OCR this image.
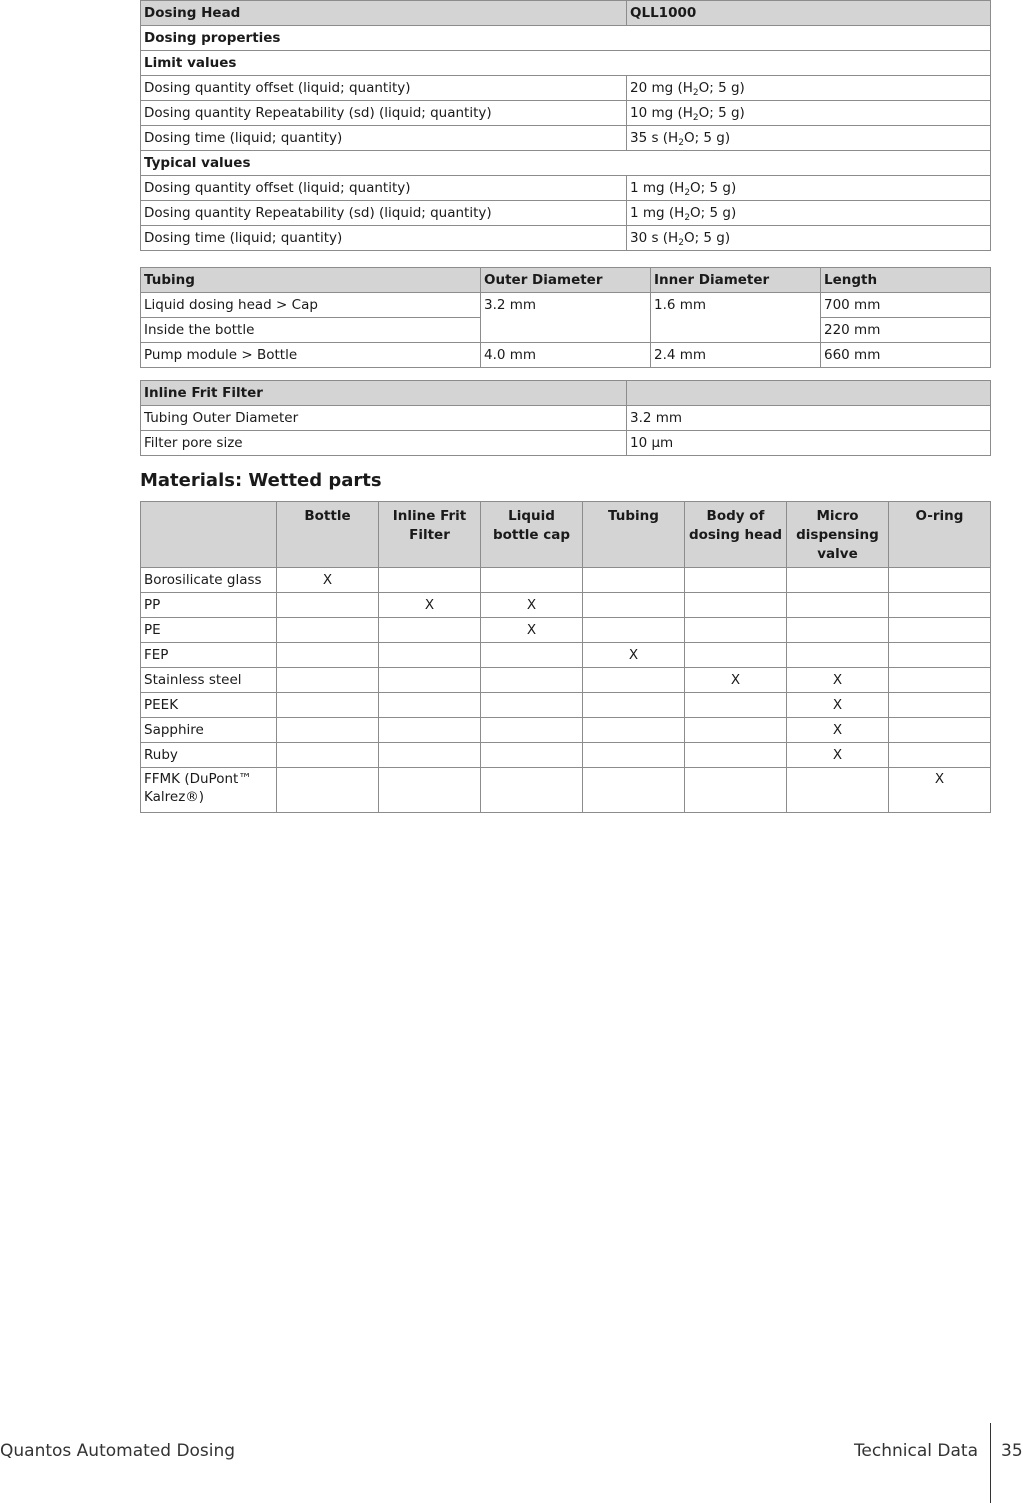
Dosing Head	QLL1000
Dosing properties	
Limit values	
Dosing quantity offset (liquid; quantity)	20 mg ($H_2O$; 5 g)
Dosing quantity Repeatability (sd) (liquid; quantity)	10 mg ($H_2O$; 5 g)
Dosing time (liquid; quantity)	35 s ($H_2O$; 5 g)
Typical values	
Dosing quantity offset (liquid; quantity)	1 mg ($H_2O$; 5 g)
Dosing quantity Repeatability (sd) (liquid; quantity)	1 mg ($H_2O$; 5 g)
Dosing time (liquid; quantity)	30 s ($H_2O$; 5 g)
Tubing	Outer Diameter	Inner Diameter	Length
Liquid dosing head > Cap	3.2 mm	1.6 mm	700 mm
Inside the bottle			220 mm
Pump module > Bottle	4.0 mm	2.4 mm	660 mm
Inline Frit Filter	
Tubing Outer Diameter	3.2 mm
Filter pore size	10 µm
Materials: Wetted parts
	Bottle	Inline Frit Filter	Liquid bottle cap	Tubing	Body of dosing head	Micro dispensing valve	O-ring
Borosilicate glass	X						
PP		X	X				
PE			X				
FEP				X			
Stainless steel					X	X	
PEEK						X	
Sapphire						X	
Ruby						X	
FFMK (DuPont™ Kalrez®)							X
Quantos Automated Dosing	Technical Data 35
